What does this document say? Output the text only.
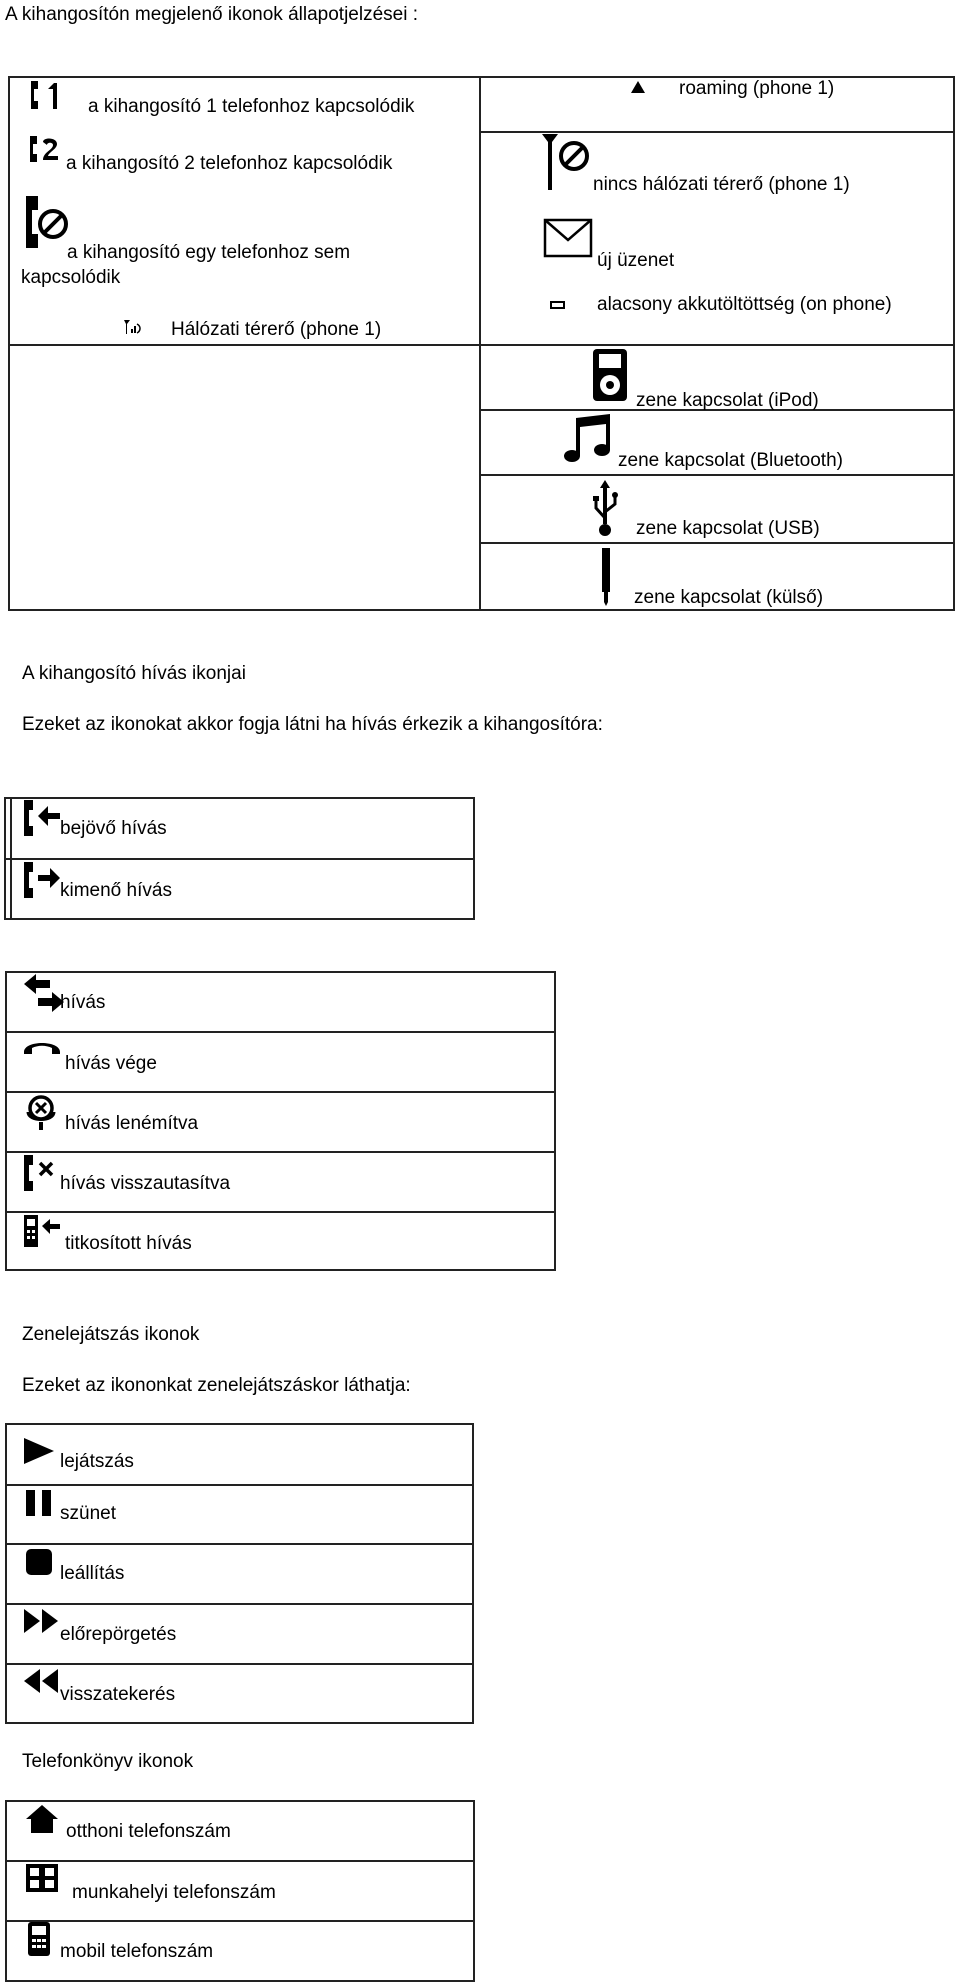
A kihangosítón megjelenő ikonok állapotjelzései :
a kihangosító 1 telefonhoz kapcsolódik
a kihangosító 2 telefonhoz kapcsolódik
a kihangosító egy telefonhoz sem
kapcsolódik
Hálózati térerő (phone 1)
roaming (phone 1)
nincs hálózati térerő (phone 1)
új üzenet
alacsony akkutöltöttség (on phone)
zene kapcsolat (iPod)
zene kapcsolat (Bluetooth)
zene kapcsolat (USB)
zene kapcsolat (külső)
A kihangosító hívás ikonjai
Ezeket az ikonokat akkor fogja látni ha hívás érkezik a kihangosítóra:
bejövő hívás
kimenő hívás
hívás
hívás vége
hívás lenémítva
hívás visszautasítva
titkosított hívás
Zenelejátszás ikonok
Ezeket az ikononkat zenelejátszáskor láthatja:
lejátszás
szünet
leállítás
előrepörgetés
visszatekerés
Telefonkönyv ikonok
otthoni telefonszám
munkahelyi telefonszám
mobil telefonszám
